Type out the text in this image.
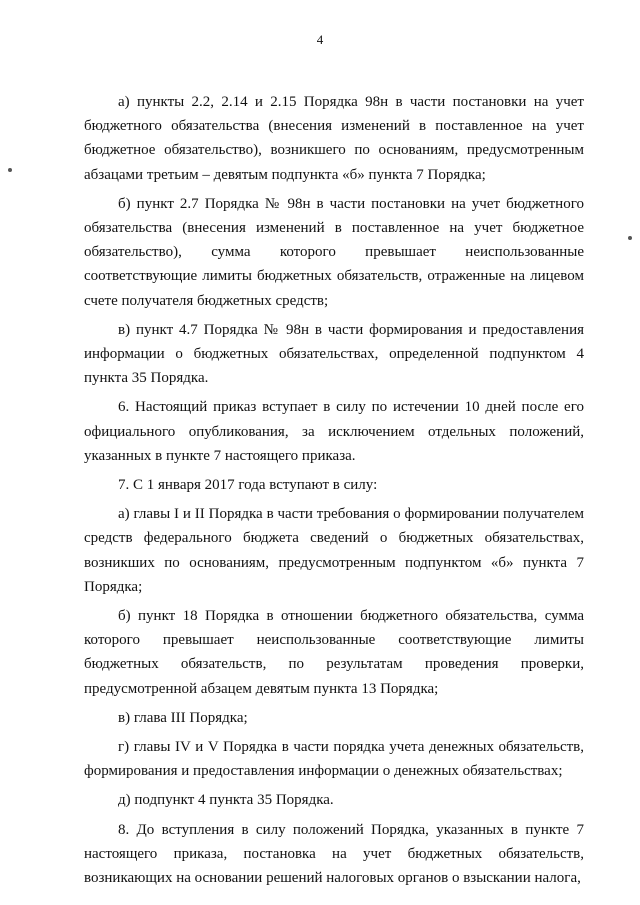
4

а) пункты 2.2, 2.14 и 2.15 Порядка 98н в части постановки на учет бюджетного обязательства (внесения изменений в поставленное на учет бюджетное обязательство), возникшего по основаниям, предусмотренным абзацами третьим – девятым подпункта «б» пункта 7 Порядка;

б) пункт 2.7 Порядка № 98н в части постановки на учет бюджетного обязательства (внесения изменений в поставленное на учет бюджетное обязательство), сумма которого превышает неиспользованные соответствующие лимиты бюджетных обязательств, отраженные на лицевом счете получателя бюджетных средств;

в) пункт 4.7 Порядка № 98н в части формирования и предоставления информации о бюджетных обязательствах, определенной подпунктом 4 пункта 35 Порядка.

6. Настоящий приказ вступает в силу по истечении 10 дней после его официального опубликования, за исключением отдельных положений, указанных в пункте 7 настоящего приказа.

7. С 1 января 2017 года вступают в силу:

а) главы I и II Порядка в части требования о формировании получателем средств федерального бюджета сведений о бюджетных обязательствах, возникших по основаниям, предусмотренным подпунктом «б» пункта 7 Порядка;

б) пункт 18 Порядка в отношении бюджетного обязательства, сумма которого превышает неиспользованные соответствующие лимиты бюджетных обязательств, по результатам проведения проверки, предусмотренной абзацем девятым пункта 13 Порядка;

в) глава III Порядка;

г) главы IV и V Порядка в части порядка учета денежных обязательств, формирования и предоставления информации о денежных обязательствах;

д) подпункт 4 пункта 35 Порядка.

8. До вступления в силу положений Порядка, указанных в пункте 7 настоящего приказа, постановка на учет бюджетных обязательств, возникающих на основании решений налоговых органов о взыскании налога,
